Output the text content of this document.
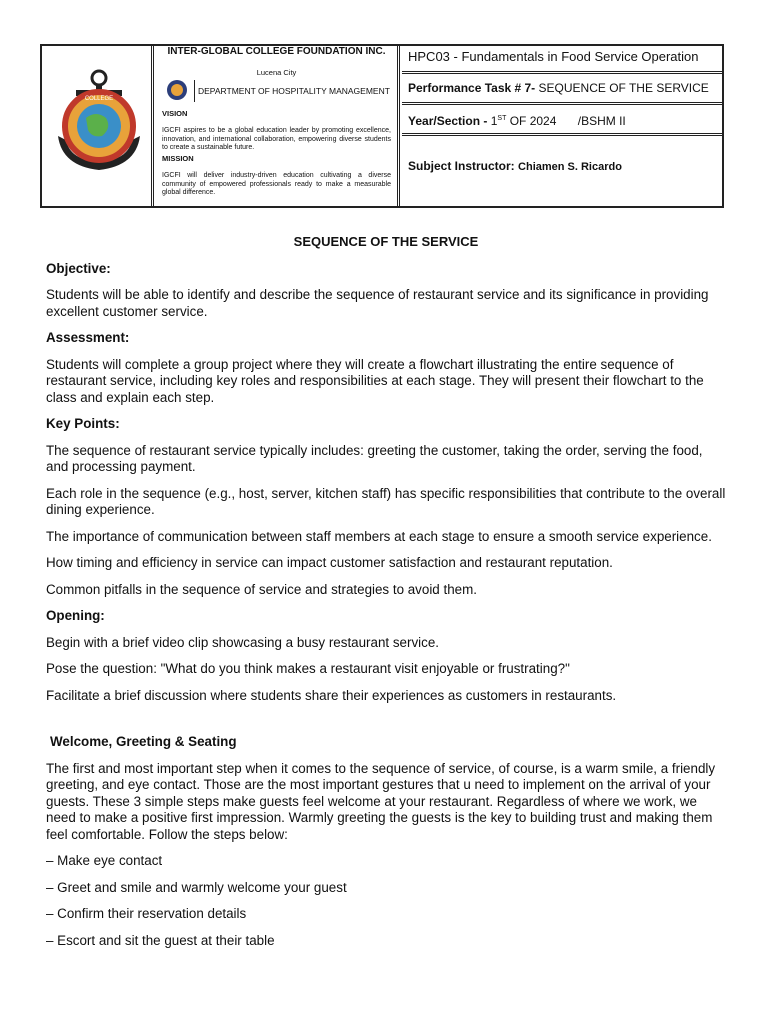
COLLEGE
INTER-GLOBAL COLLEGE FOUNDATION INC.
Lucena City
DEPARTMENT OF HOSPITALITY MANAGEMENT
VISION
IGCFI aspires to be a global education leader by promoting excellence, innovation, and international collaboration, empowering diverse students to create a sustainable future.
MISSION
IGCFI will deliver industry-driven education cultivating a diverse community of empowered professionals ready to make a measurable global difference.
HPC03 - Fundamentals in Food Service Operation
Performance Task # 7- SEQUENCE OF THE SERVICE
Year/Section - 1ST OF 2024 /BSHM II
Subject Instructor: Chiamen S. Ricardo
SEQUENCE OF THE SERVICE
Objective:
Students will be able to identify and describe the sequence of restaurant service and its significance in providing excellent customer service.
Assessment:
Students will complete a group project where they will create a flowchart illustrating the entire sequence of restaurant service, including key roles and responsibilities at each stage. They will present their flowchart to the class and explain each step.
Key Points:
The sequence of restaurant service typically includes: greeting the customer, taking the order, serving the food, and processing payment.
Each role in the sequence (e.g., host, server, kitchen staff) has specific responsibilities that contribute to the overall dining experience.
The importance of communication between staff members at each stage to ensure a smooth service experience.
How timing and efficiency in service can impact customer satisfaction and restaurant reputation.
Common pitfalls in the sequence of service and strategies to avoid them.
Opening:
Begin with a brief video clip showcasing a busy restaurant service.
Pose the question: "What do you think makes a restaurant visit enjoyable or frustrating?"
Facilitate a brief discussion where students share their experiences as customers in restaurants.
Welcome, Greeting & Seating
The first and most important step when it comes to the sequence of service, of course, is a warm smile, a friendly greeting, and eye contact. Those are the most important gestures that u need to implement on the arrival of your guests. These 3 simple steps make guests feel welcome at your restaurant. Regardless of where we work, we need to make a positive first impression. Warmly greeting the guests is the key to building trust and making them feel comfortable. Follow the steps below:
– Make eye contact
– Greet and smile and warmly welcome your guest
– Confirm their reservation details
– Escort and sit the guest at their table
